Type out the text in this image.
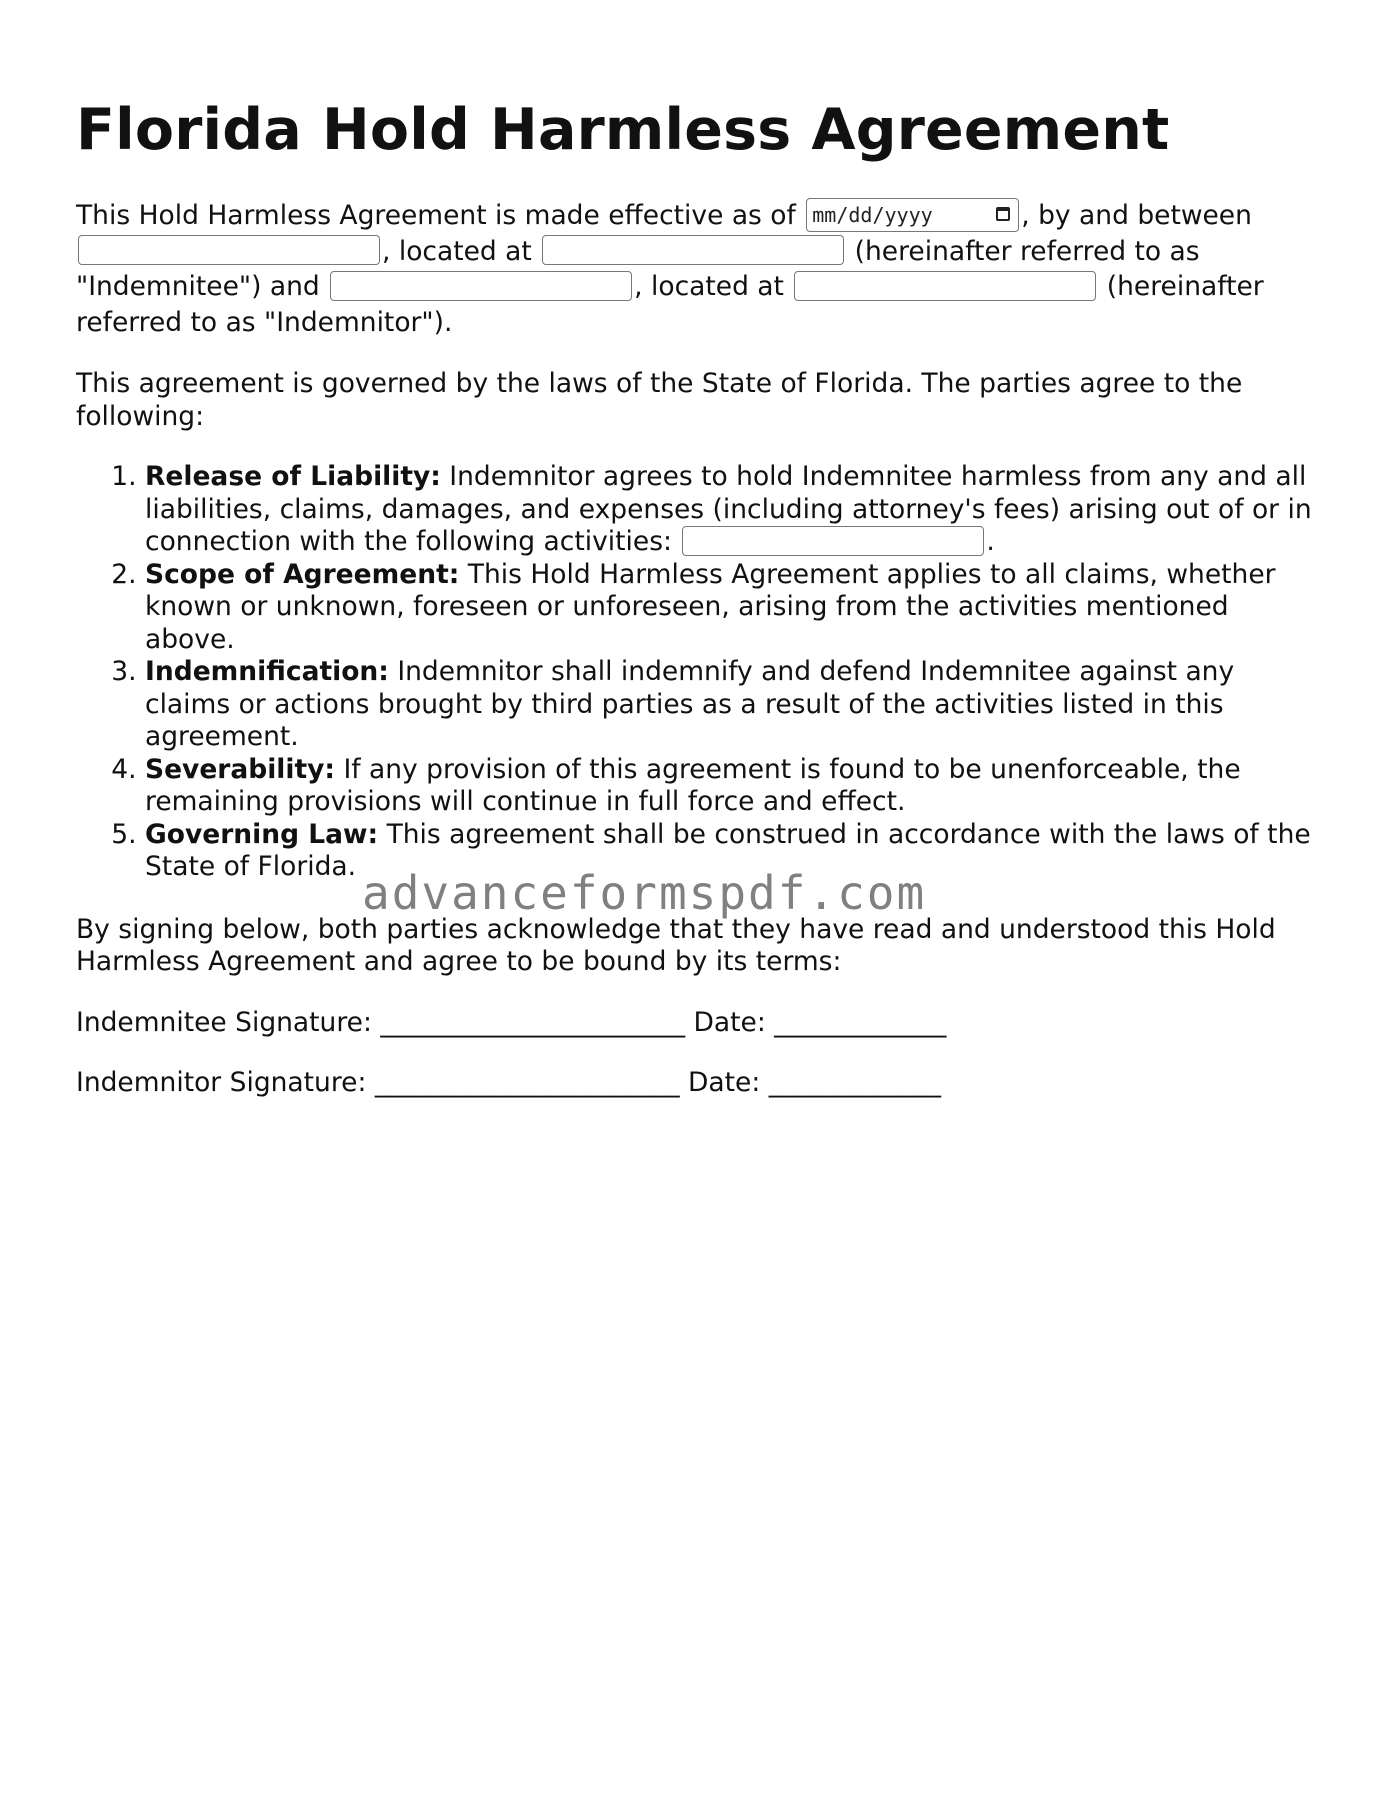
Florida Hold Harmless Agreement

This Hold Harmless Agreement is made effective as of mm/dd/yyyy	, by and between , located at	(hereinafter referred to as "Indemnitee") and	, located at	(hereinafter referred to as "Indemnitor").

This agreement is governed by the laws of the State of Florida. The parties agree to the following:

1. Release of Liability: Indemnitor agrees to hold Indemnitee harmless from any and all liabilities, claims, damages, and expenses (including attorney's fees) arising out of or in connection with the following activities:	.
2. Scope of Agreement: This Hold Harmless Agreement applies to all claims, whether known or unknown, foreseen or unforeseen, arising from the activities mentioned above.
3. Indemnification: Indemnitor shall indemnify and defend Indemnitee against any claims or actions brought by third parties as a result of the activities listed in this agreement.
4. Severability: If any provision of this agreement is found to be unenforceable, the remaining provisions will continue in full force and effect.
5. Governing Law: This agreement shall be construed in accordance with the laws of the State of Florida.

By signing below, both parties acknowledge that they have read and understood this Hold Harmless Agreement and agree to be bound by its terms:

Indemnitee Signature: _______________________ Date: _____________

Indemnitor Signature: _______________________ Date: _____________

advanceformspdf.com
